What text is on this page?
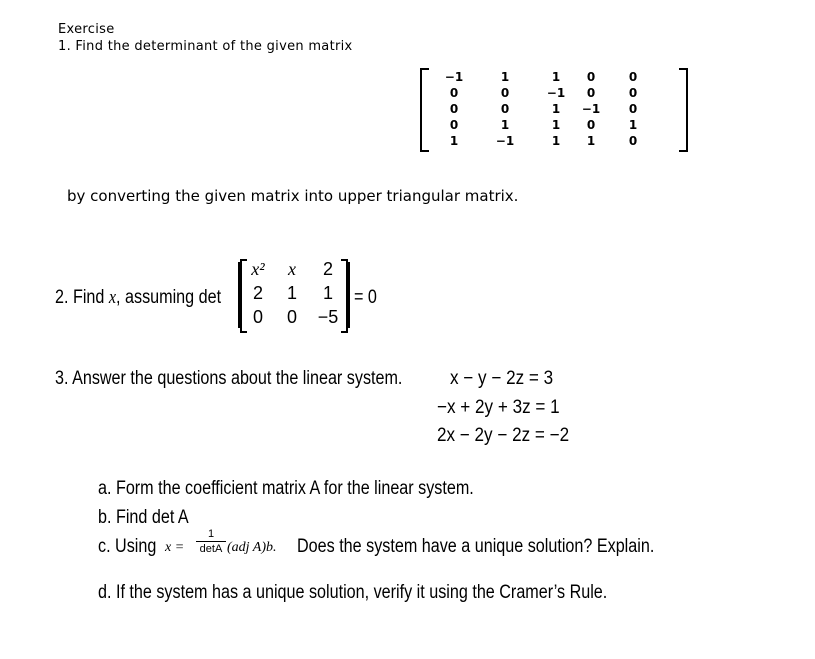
Exercise
1. Find the determinant of the given matrix
−1	1	1	0	0
0	0	−1	0	0
0	0	1	−1	0
0	1	1	0	1
1	−1	1	1	0
by converting the given matrix into upper triangular matrix.
2. Find x, assuming det
x²	x	2
2	1	1
0	0	−5
= 0
3. Answer the questions about the linear system.	x − y − 2z = 3
−x + 2y + 3z = 1
2x − 2y − 2z = −2
a. Form the coefficient matrix A for the linear system.
b. Find det A
c. Using x =
1
detA (adj A)b. Does the system have a unique solution? Explain.
d. If the system has a unique solution, verify it using the Cramer’s Rule.
